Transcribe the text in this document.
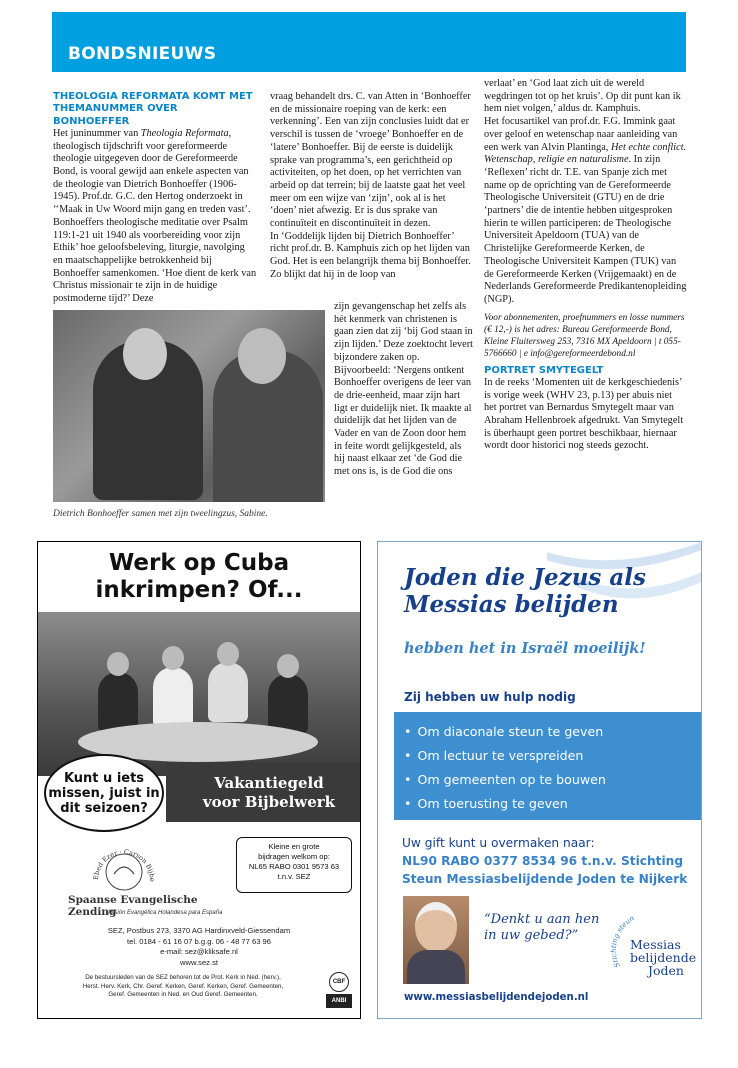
BONDSNIEUWS

THEOLOGIA REFORMATA KOMT MET THEMANUMMER OVER BONHOEFFER

Het juninummer van Theologia Reformata, theologisch tijdschrift voor gereformeerde theologie uitgegeven door de Gereformeerde Bond, is vooral gewijd aan enkele aspecten van de theologie van Dietrich Bonhoeffer (1906-1945). Prof.dr. G.C. den Hertog onderzoekt in ‘‘Maak in Uw Woord mijn gang en treden vast’. Bonhoeffers theologische meditatie over Psalm 119:1-21 uit 1940 als voorbereiding voor zijn Ethik’ hoe geloofsbeleving, liturgie, navolging en maatschappelijke betrokkenheid bij Bonhoeffer samenkomen. ‘Hoe dient de kerk van Christus missionair te zijn in de huidige postmoderne tijd?’ Deze

Dietrich Bonhoeffer samen met zijn tweelingzus, Sabine.

vraag behandelt drs. C. van Atten in ‘Bonhoeffer en de missionaire roeping van de kerk: een verkenning’. Een van zijn conclusies luidt dat er verschil is tussen de ‘vroege’ Bonhoeffer en de ‘latere’ Bonhoeffer. Bij de eerste is duidelijk sprake van programma’s, een gerichtheid op activiteiten, op het doen, op het verrichten van arbeid op dat terrein; bij de laatste gaat het veel meer om een wijze van ‘zijn’, ook al is het ‘doen’ niet afwezig. Er is dus sprake van continuïteit en discontinuïteit in dezen.

In ‘Goddelijk lijden bij Dietrich Bonhoeffer’ richt prof.dr. B. Kamphuis zich op het lijden van God. Het is een belangrijk thema bij Bonhoeffer. Zo blijkt dat hij in de loop van

zijn gevangenschap het zelfs als hét kenmerk van christenen is gaan zien dat zij ‘bij God staan in zijn lijden.’ Deze zoektocht levert bijzondere zaken op. Bijvoorbeeld: ‘Nergens ontkent Bonhoeffer overigens de leer van de drie-eenheid, maar zijn hart ligt er duidelijk niet. Ik maakte al duidelijk dat het lijden van de Vader en van de Zoon door hem in feite wordt gelijkgesteld, als hij naast elkaar zet ‘de God die met ons is, is de God die ons

verlaat’ en ‘God laat zich uit de wereld wegdringen tot op het kruis’. Op dit punt kan ik hem niet volgen,’ aldus dr. Kamphuis.

Het focusartikel van prof.dr. F.G. Immink gaat over geloof en wetenschap naar aanleiding van een werk van Alvin Plantinga, Het echte conflict. Wetenschap, religie en naturalisme. In zijn ‘Reflexen’ richt dr. T.E. van Spanje zich met name op de oprichting van de Gereformeerde Theologische Universiteit (GTU) en de drie ‘partners’ die de intentie hebben uitgesproken hierin te willen participeren: de Theologische Universiteit Apeldoorn (TUA) van de Christelijke Gereformeerde Kerken, de Theologische Universiteit Kampen (TUK) van de Gereformeerde Kerken (Vrijgemaakt) en de Nederlands Gereformeerde Predikantenopleiding (NGP).

Voor abonnementen, proefnummers en losse nummers (€ 12,-) is het adres: Bureau Gereformeerde Bond, Kleine Fluitersweg 253, 7316 MX Apeldoorn | t 055-5766660 | e info@gereformeerdebond.nl

PORTRET SMYTEGELT

In de reeks ‘Momenten uit de kerkgeschiedenis’ is vorige week (WHV 23, p.13) per abuis niet het portret van Bernardus Smytegelt maar van Abraham Hellenbroek afgedrukt. Van Smytegelt is überhaupt geen portret beschikbaar, hiernaar wordt door historici nog steeds gezocht.

Werk op Cuba
inkrimpen? Of...
Kunt u iets missen, juist in dit seizoen?
Vakantiegeld
voor Bijbelwerk
Kleine en grote
bijdragen welkom op:
NL65 RABO 0301 9573 63
t.n.v. SEZ
Ebed Ezer · Carson Bijbe
Spaanse Evangelische Zending
Misión Evangélica Holandesa para España
SEZ, Postbus 273, 3370 AG Hardinxveld-Giessendam
tel. 0184 - 61 16 07 b.g.g. 06 - 48 77 63 96
e-mail: sez@kliksafe.nl
www.sez.st
De bestuursleden van de SEZ behoren tot de Prot. Kerk in Ned. (herv.),
Herst. Herv. Kerk, Chr. Geref. Kerken, Geref. Kerken, Geref. Gemeenten,
Geref. Gemeenten in Ned. en Oud Geref. Gemeenten.
CBF
ANBI
Joden die Jezus als
Messias belijden
hebben het in Israël moeilijk!
Zij hebben uw hulp nodig
• Om diaconale steun te geven
• Om lectuur te verspreiden
• Om gemeenten op te bouwen
• Om toerusting te geven
Uw gift kunt u overmaken naar:
NL90 RABO 0377 8534 96 t.n.v. Stichting
Steun Messiasbelijdende Joden te Nijkerk
“Denkt u aan hen
in uw gebed?”
Stichting steun
Messias
belijdende
Joden
www.messiasbelijdendejoden.nl
